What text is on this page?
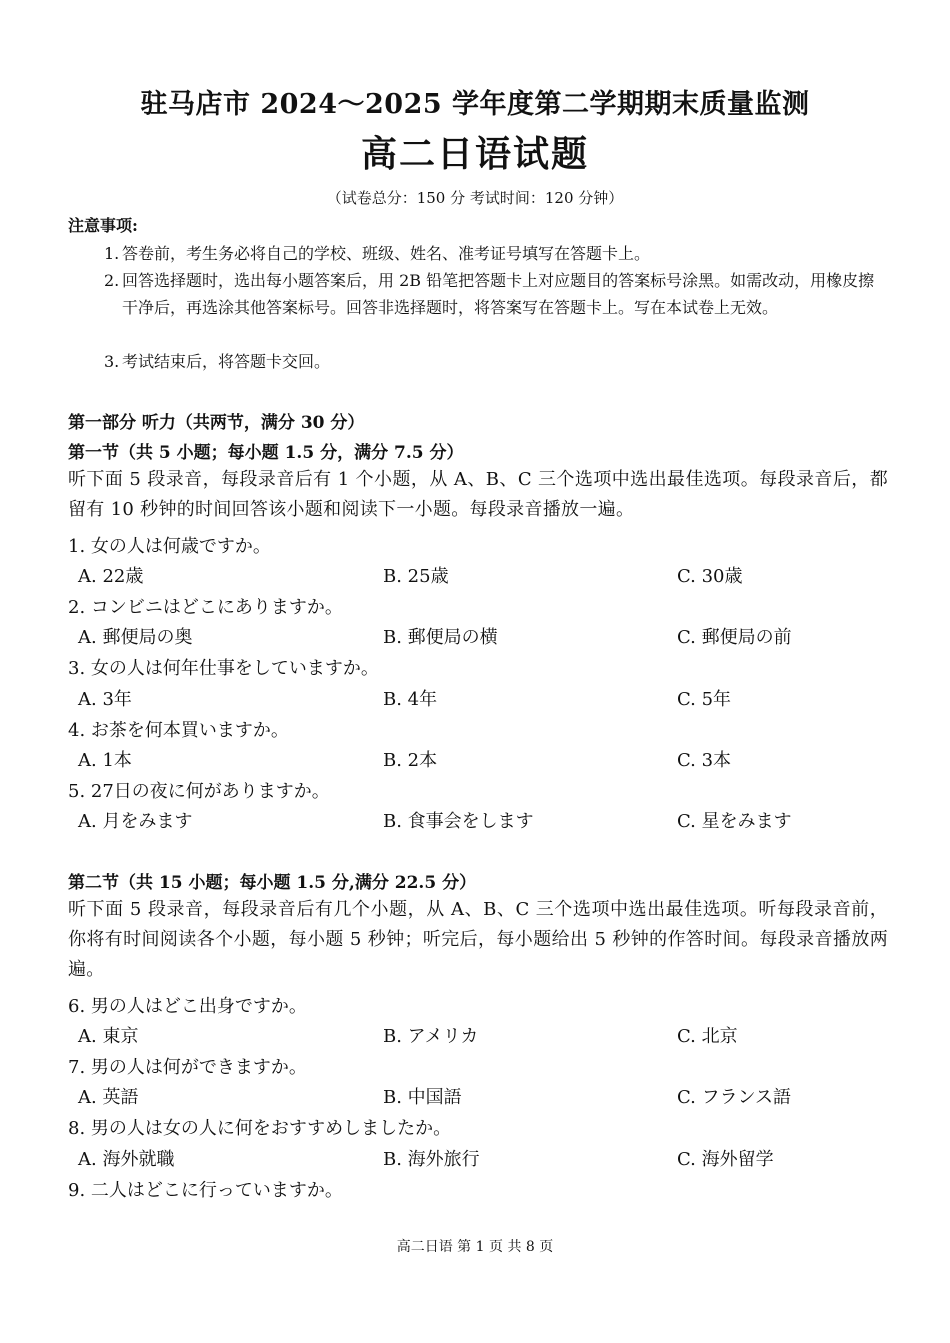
驻马店市 2024～2025 学年度第二学期期末质量监测
高二日语试题
（试卷总分：150 分 考试时间：120 分钟）
注意事项:
1. 答卷前，考生务必将自己的学校、班级、姓名、准考证号填写在答题卡上。
2. 回答选择题时，选出每小题答案后，用 2B 铅笔把答题卡上对应题目的答案标号涂黑。如需改动，用橡皮擦干净后，再选涂其他答案标号。回答非选择题时，将答案写在答题卡上。写在本试卷上无效。
3. 考试结束后，将答题卡交回。
第一部分 听力（共两节，满分 30 分）
第一节（共 5 小题；每小题 1.5 分，满分 7.5 分）
听下面 5 段录音，每段录音后有 1 个小题，从 A、B、C 三个选项中选出最佳选项。每段录音后，都留有 10 秒钟的时间回答该小题和阅读下一小题。每段录音播放一遍。
1. 女の人は何歳ですか。
A. 22歳	B. 25歳	C. 30歳
2. コンビニはどこにありますか。
A. 郵便局の奥	B. 郵便局の横	C. 郵便局の前
3. 女の人は何年仕事をしていますか。
A. 3年	B. 4年	C. 5年
4. お茶を何本買いますか。
A. 1本	B. 2本	C. 3本
5. 27日の夜に何がありますか。
A. 月をみます	B. 食事会をします	C. 星をみます
第二节（共 15 小题；每小题 1.5 分,满分 22.5 分）
听下面 5 段录音，每段录音后有几个小题，从 A、B、C 三个选项中选出最佳选项。听每段录音前，你将有时间阅读各个小题，每小题 5 秒钟；听完后，每小题给出 5 秒钟的作答时间。每段录音播放两遍。
6. 男の人はどこ出身ですか。
A. 東京	B. アメリカ	C. 北京
7. 男の人は何ができますか。
A. 英語	B. 中国語	C. フランス語
8. 男の人は女の人に何をおすすめしましたか。
A. 海外就職	B. 海外旅行	C. 海外留学
9. 二人はどこに行っていますか。
高二日语 第 1 页 共 8 页
